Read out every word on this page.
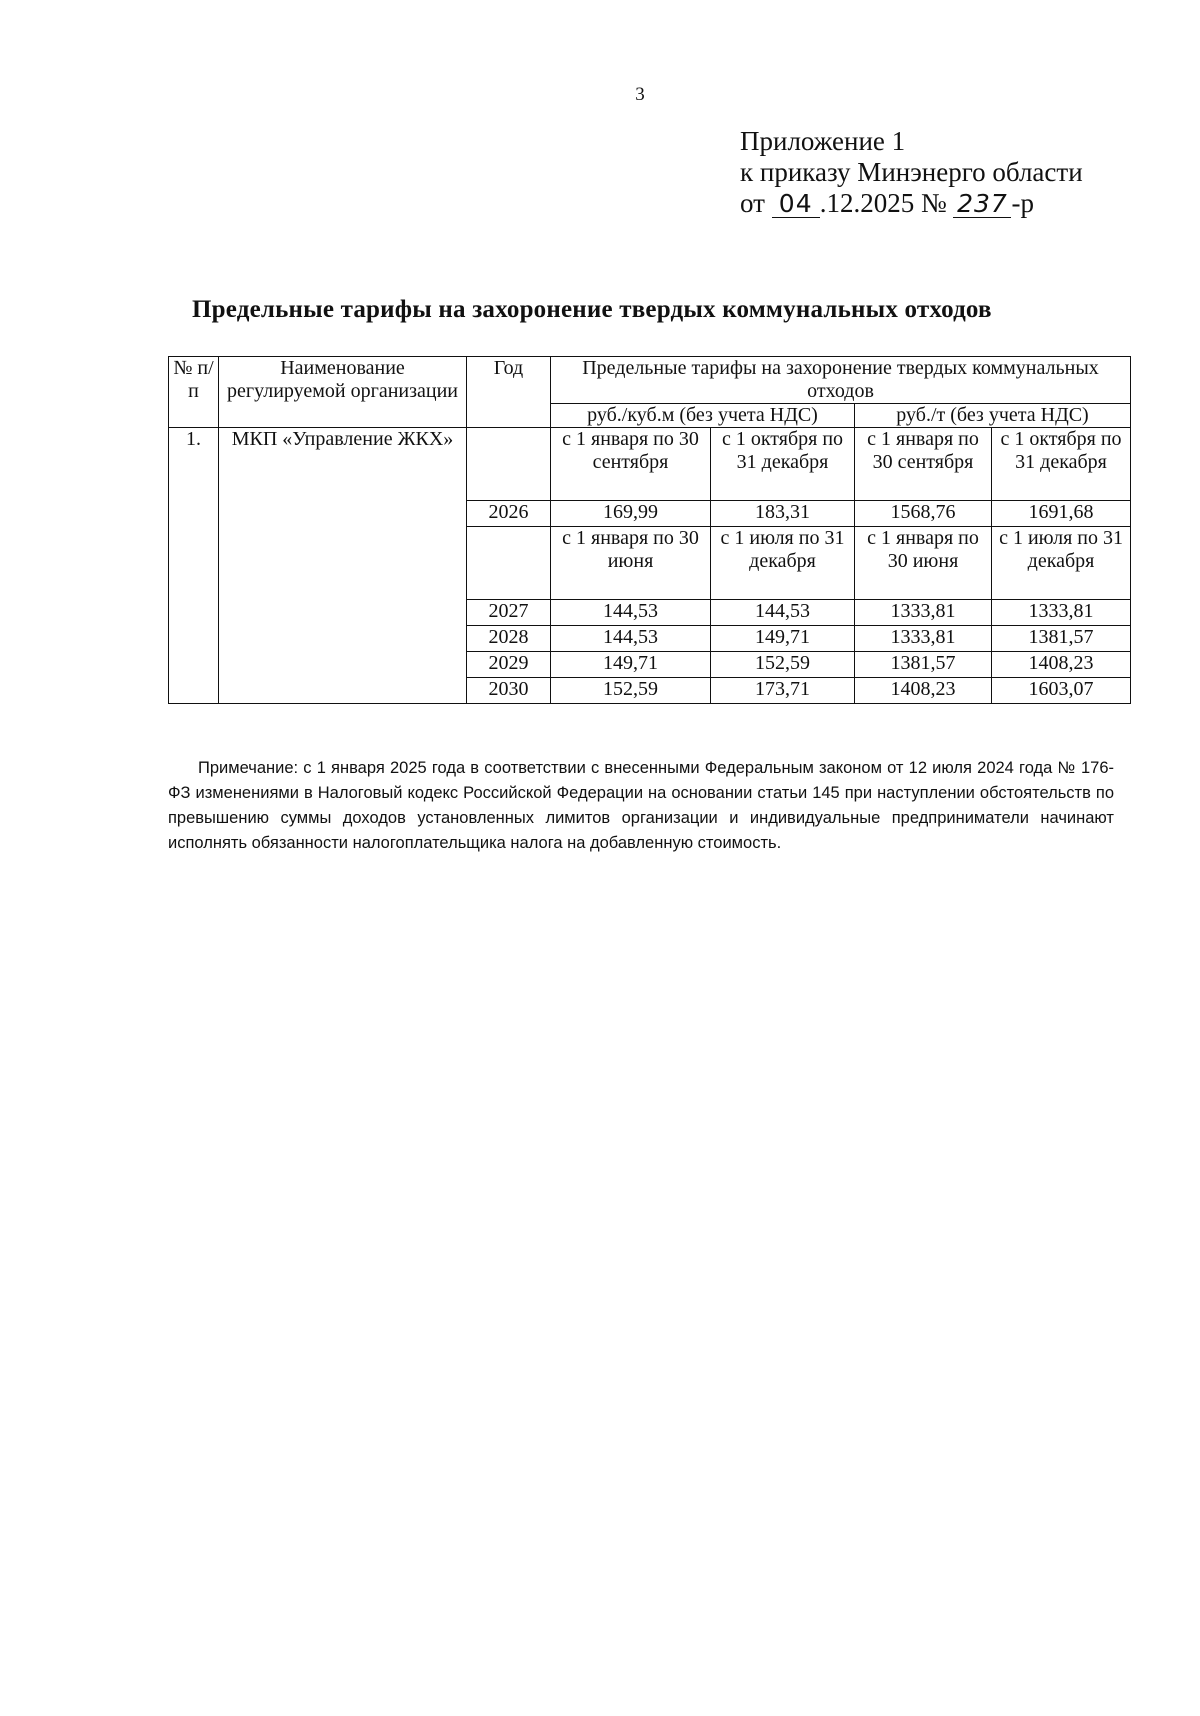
3
Приложение 1
к приказу Минэнерго области
от 04 .12.2025 № 237 -р
Предельные тарифы на захоронение твердых коммунальных отходов
№ п/п	Наименование регулируемой организации	Год	Предельные тарифы на захоронение твердых коммунальных отходов			
			руб./куб.м (без учета НДС)		руб./т (без учета НДС)	
1.	МКП «Управление ЖКХ»		с 1 января по 30 сентября	с 1 октября по 31 декабря	с 1 января по 30 сентября	с 1 октября по 31 декабря
		2026	169,99	183,31	1568,76	1691,68
			с 1 января по 30 июня	с 1 июля по 31 декабря	с 1 января по 30 июня	с 1 июля по 31 декабря
		2027	144,53	144,53	1333,81	1333,81
		2028	144,53	149,71	1333,81	1381,57
		2029	149,71	152,59	1381,57	1408,23
		2030	152,59	173,71	1408,23	1603,07
Примечание: с 1 января 2025 года в соответствии с внесенными Федеральным законом от 12 июля 2024 года № 176-ФЗ изменениями в Налоговый кодекс Российской Федерации на основании статьи 145 при наступлении обстоятельств по превышению суммы доходов установленных лимитов организации и индивидуальные предприниматели начинают исполнять обязанности налогоплательщика налога на добавленную стоимость.
